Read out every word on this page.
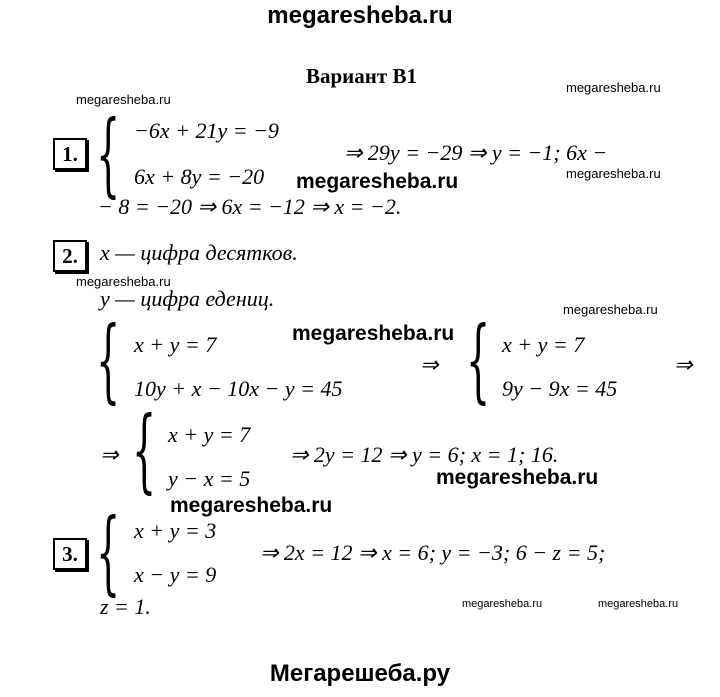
megaresheba.ru
megaresheba.ru
megaresheba.ru
megaresheba.ru
megaresheba.ru
megaresheba.ru
megaresheba.ru
megaresheba.ru
megaresheba.ru
megaresheba.ru
megaresheba.ru	megaresheba.ru
Мегарешеба.ру
Вариант В1
1. { −6x + 21y = −9
6x + 8y = −20
⇒ 29y = −29 ⇒ y = −1; 6x −
− 8 = −20 ⇒ 6x = −12 ⇒ x = −2.
2.	x — цифра десятков.
y — цифра едениц.
{ x + y = 7
10y + x − 10x − y = 45
⇒ { x + y = 7
9y − 9x = 45
⇒
⇒ { x + y = 7
y − x = 5
⇒ 2y = 12 ⇒ y = 6; x = 1; 16.
3. { x + y = 3
x − y = 9
⇒ 2x = 12 ⇒ x = 6; y = −3; 6 − z = 5;
z = 1.
